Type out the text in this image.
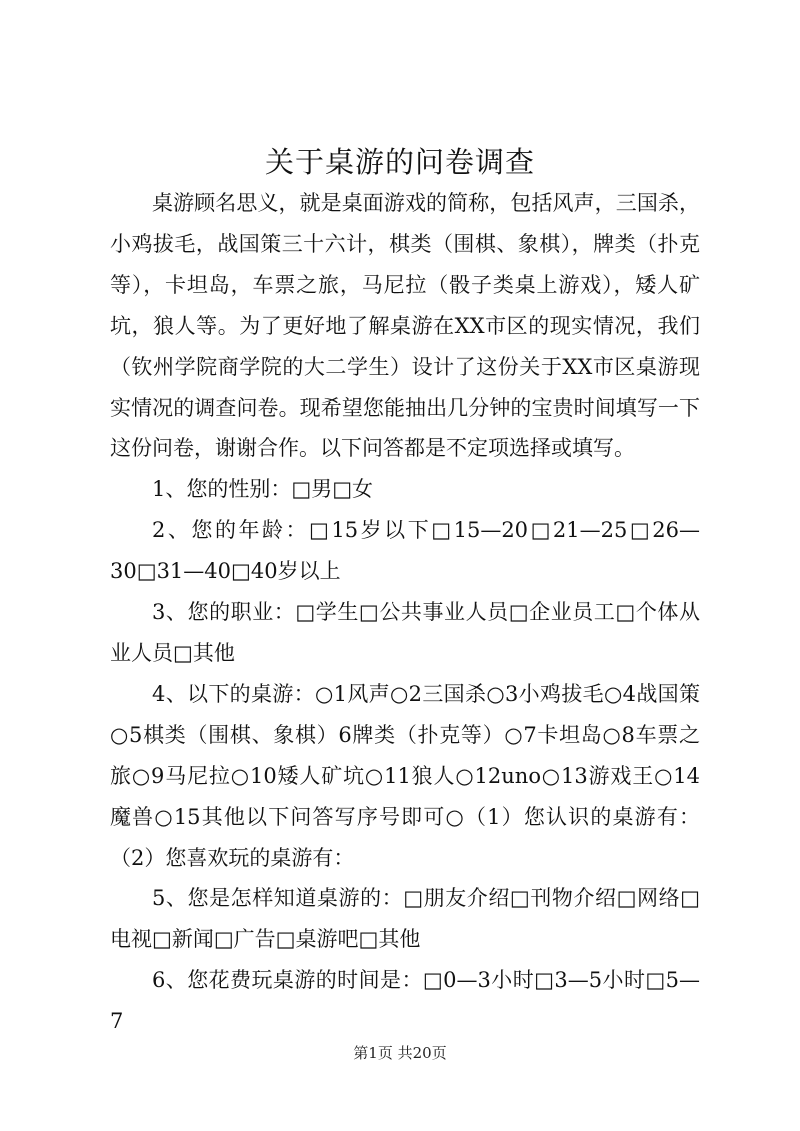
关于桌游的问卷调查

桌游顾名思义，就是桌面游戏的简称，包括风声，三国杀，小鸡拔毛，战国策三十六计，棋类（围棋、象棋），牌类（扑克等），卡坦岛，车票之旅，马尼拉（骰子类桌上游戏），矮人矿坑，狼人等。为了更好地了解桌游在XX市区的现实情况，我们（钦州学院商学院的大二学生）设计了这份关于XX市区桌游现实情况的调查问卷。现希望您能抽出几分钟的宝贵时间填写一下这份问卷，谢谢合作。以下问答都是不定项选择或填写。

1、您的性别：□男□女

2、您的年龄：□15岁以下□15—20□21—25□26—30□31—40□40岁以上

3、您的职业：□学生□公共事业人员□企业员工□个体从业人员□其他

4、以下的桌游：○1风声○2三国杀○3小鸡拔毛○4战国策○5棋类（围棋、象棋）6牌类（扑克等）○7卡坦岛○8车票之旅○9马尼拉○10矮人矿坑○11狼人○12uno○13游戏王○14魔兽○15其他以下问答写序号即可○（1）您认识的桌游有：（2）您喜欢玩的桌游有：

5、您是怎样知道桌游的：□朋友介绍□刊物介绍□网络□电视□新闻□广告□桌游吧□其他

6、您花费玩桌游的时间是：□0—3小时□3—5小时□5—7

第1页 共20页
